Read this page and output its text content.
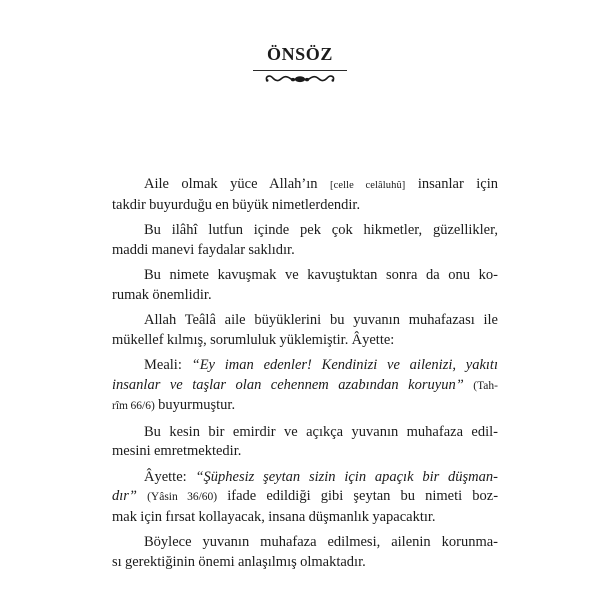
ÖNSÖZ
Aile olmak yüce Allah’ın [celle celâluhû] insanlar için
takdir buyurduğu en büyük nimetlerdendir.
Bu ilâhî lutfun içinde pek çok hikmetler, güzellikler,
maddi manevi faydalar saklıdır.
Bu nimete kavuşmak ve kavuştuktan sonra da onu ko-
rumak önemlidir.
Allah Teâlâ aile büyüklerini bu yuvanın muhafazası ile
mükellef kılmış, sorumluluk yüklemiştir. Âyette:
Meali: “Ey iman edenler! Kendinizi ve ailenizi, yakıtı
insanlar ve taşlar olan cehennem azabından koruyun” (Tah-
rîm 66/6) buyurmuştur.
Bu kesin bir emirdir ve açıkça yuvanın muhafaza edil-
mesini emretmektedir.
Âyette: “Şüphesiz şeytan sizin için apaçık bir düşman-
dır” (Yâsin 36/60) ifade edildiği gibi şeytan bu nimeti boz-
mak için fırsat kollayacak, insana düşmanlık yapacaktır.
Böylece yuvanın muhafaza edilmesi, ailenin korunma-
sı gerektiğinin önemi anlaşılmış olmaktadır.
